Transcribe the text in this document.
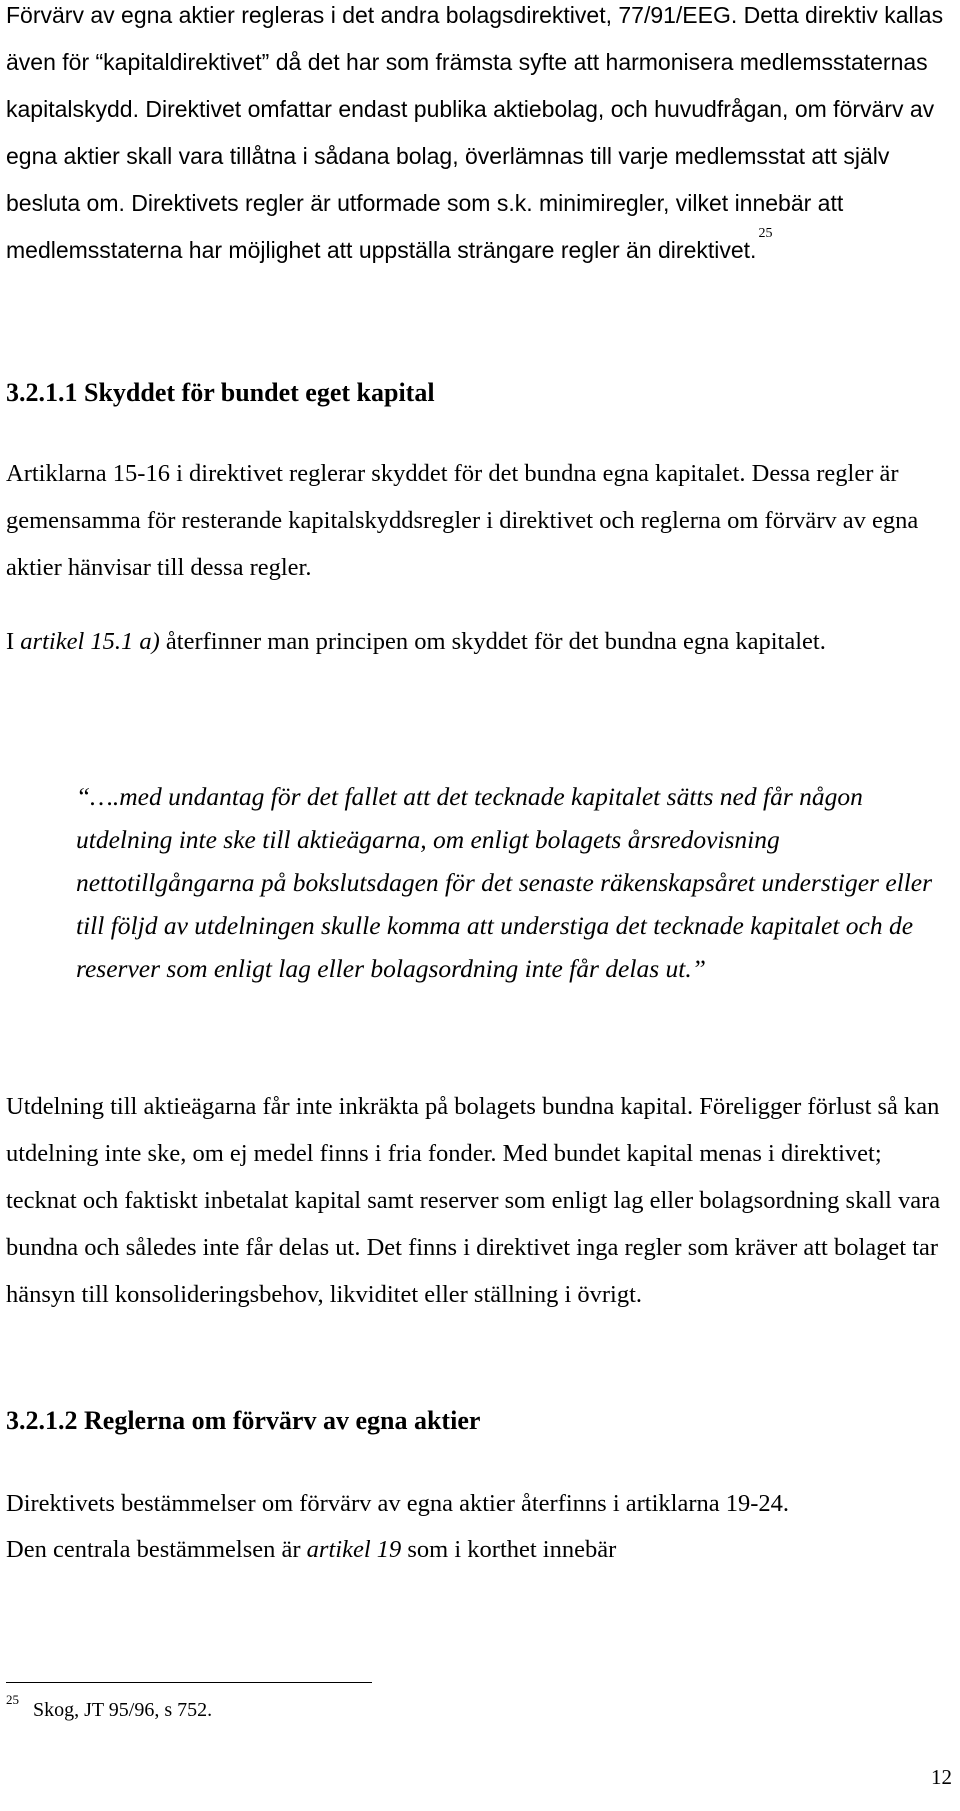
Förvärv av egna aktier regleras i det andra bolagsdirektivet, 77/91/EEG. Detta direktiv kallas även för “kapitaldirektivet” då det har som främsta syfte att harmonisera medlemsstaternas kapitalskydd. Direktivet omfattar endast publika aktiebolag, och huvudfrågan, om förvärv av egna aktier skall vara tillåtna i sådana bolag, överlämnas till varje medlemsstat att själv besluta om. Direktivets regler är utformade som s.k. minimiregler, vilket innebär att medlemsstaterna har möjlighet att uppställa strängare regler än direktivet.$^{25}$

3.2.1.1 Skyddet för bundet eget kapital

Artiklarna 15-16 i direktivet reglerar skyddet för det bundna egna kapitalet. Dessa regler är gemensamma för resterande kapitalskyddsregler i direktivet och reglerna om förvärv av egna aktier hänvisar till dessa regler.

I artikel 15.1 a) återfinner man principen om skyddet för det bundna egna kapitalet.

“….med undantag för det fallet att det tecknade kapitalet sätts ned får någon utdelning inte ske till aktieägarna, om enligt bolagets årsredovisning nettotillgångarna på bokslutsdagen för det senaste räkenskapsåret understiger eller till följd av utdelningen skulle komma att understiga det tecknade kapitalet och de reserver som enligt lag eller bolagsordning inte får delas ut.”

Utdelning till aktieägarna får inte inkräkta på bolagets bundna kapital. Föreligger förlust så kan utdelning inte ske, om ej medel finns i fria fonder. Med bundet kapital menas i direktivet; tecknat och faktiskt inbetalat kapital samt reserver som enligt lag eller bolagsordning skall vara bundna och således inte får delas ut. Det finns i direktivet inga regler som kräver att bolaget tar hänsyn till konsolideringsbehov, likviditet eller ställning i övrigt.

3.2.1.2 Reglerna om förvärv av egna aktier

Direktivets bestämmelser om förvärv av egna aktier återfinns i artiklarna 19-24.

Den centrala bestämmelsen är artikel 19 som i korthet innebär

$^{25}$ Skog, JT 95/96, s 752.
12
